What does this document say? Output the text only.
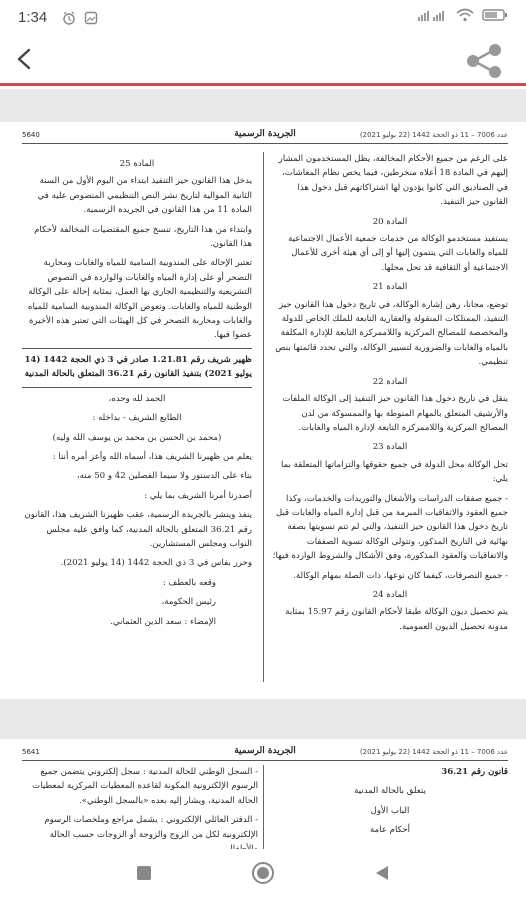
1:34
5640	الجريدة الرسمية	عدد 7006 – 11 ذو الحجة 1442 (22 يوليو 2021)
على الرغم من جميع الأحكام المخالفة، يظل المستخدمون المشار إليهم في المادة 18 أعلاه منخرطين، فيما يخص نظام المعاشات، في الصناديق التي كانوا يؤدون لها اشتراكاتهم قبل دخول هذا القانون حيز التنفيذ.
المادة 20
يستفيد مستخدمو الوكالة من خدمات جمعية الأعمال الاجتماعية للمياه والغابات التي ينتمون إليها أو إلى أي هيئة أخرى للأعمال الاجتماعية أو الثقافية قد تحل محلها.
المادة 21
توضع، مجانا، رهن إشارة الوكالة، في تاريخ دخول هذا القانون حيز التنفيذ، الممتلكات المنقولة والعقارية التابعة للملك الخاص للدولة والمخصصة للمصالح المركزية واللاممركزة التابعة للإدارة المكلفة بالمياه والغابات والضرورية لتسيير الوكالة، والتي تحدد قائمتها بنص تنظيمي.
المادة 22
ينقل في تاريخ دخول هذا القانون حيز التنفيذ إلى الوكالة الملفات والأرشيف المتعلق بالمهام المنوطة بها والممسوكة من لدن المصالح المركزية واللاممركزة التابعة لإدارة المياه والغابات.
المادة 23
تحل الوكالة محل الدولة في جميع حقوقها والتزاماتها المتعلقة بما يلي:
- جميع صفقات الدراسات والأشغال والتوريدات والخدمات، وكذا جميع العقود والاتفاقيات المبرمة من قبل إدارة المياه والغابات قبل تاريخ دخول هذا القانون حيز التنفيذ، والتي لم تتم تسويتها بصفة نهائية في التاريخ المذكور، وتتولى الوكالة تسوية الصفقات والاتفاقيات والعقود المذكورة، وفق الأشكال والشروط الواردة فيها؛
- جميع التصرفات، كيفما كان نوعها، ذات الصلة بمهام الوكالة.
المادة 24
يتم تحصيل ديون الوكالة طبقا لأحكام القانون رقم 15.97 بمثابة مدونة تحصيل الديون العمومية.
المادة 25
يدخل هذا القانون حيز التنفيذ ابتداء من اليوم الأول من السنة الثانية الموالية لتاريخ نشر النص التنظيمي المنصوص عليه في المادة 11 من هذا القانون في الجريدة الرسمية.
وابتداء من هذا التاريخ، تنسخ جميع المقتضيات المخالفة لأحكام هذا القانون.
تعتبر الإحالة على المندوبية السامية للمياه والغابات ومحاربة التصحر أو على إدارة المياه والغابات والواردة في النصوص التشريعية والتنظيمية الجاري بها العمل، بمثابة إحالة على الوكالة الوطنية للمياه والغابات. وتعوض الوكالة المندوبية السامية للمياه والغابات ومحاربة التصحر في كل الهيئات التي تعتبر هذه الأخيرة عضوا فيها.
ظهير شريف رقم 1.21.81 صادر في 3 ذي الحجة 1442 (14 يوليو 2021) بتنفيذ القانون رقم 36.21 المتعلق بالحالة المدنية
الحمد لله وحده،
الطابع الشريف - بداخله :
(محمد بن الحسن بن محمد بن يوسف الله وليه)
يعلم من ظهيرنا الشريف هذا، أسماه الله وأعز أمره أننا :
بناء على الدستور ولا سيما الفصلين 42 و 50 منه،
أصدرنا أمرنا الشريف بما يلي :
ينفذ وينشر بالجريدة الرسمية، عقب ظهيرنا الشريف هذا، القانون رقم 36.21 المتعلق بالحالة المدنية، كما وافق عليه مجلس النواب ومجلس المستشارين.
وحرر بفاس في 3 ذي الحجة 1442 (14 يوليو 2021).
وقعه بالعطف :
رئيس الحكومة،
الإمضاء : سعد الدين العثماني.
5641	الجريدة الرسمية	عدد 7006 – 11 ذو الحجة 1442 (22 يوليو 2021)
قانون رقم 36.21
يتعلق بالحالة المدنية
الباب الأول
أحكام عامة
- السجل الوطني للحالة المدنية : سجل إلكتروني يتضمن جميع الرسوم الإلكترونية المكونة لقاعدة المعطيات المركزية لمعطيات الحالة المدنية، ويشار إليه بعده «بالسجل الوطني».
- الدفتر العائلي الإلكتروني : يشمل مراجع وملخصات الرسوم الإلكترونية لكل من الزوج والزوجة أو الزوجات حسب الحالة
